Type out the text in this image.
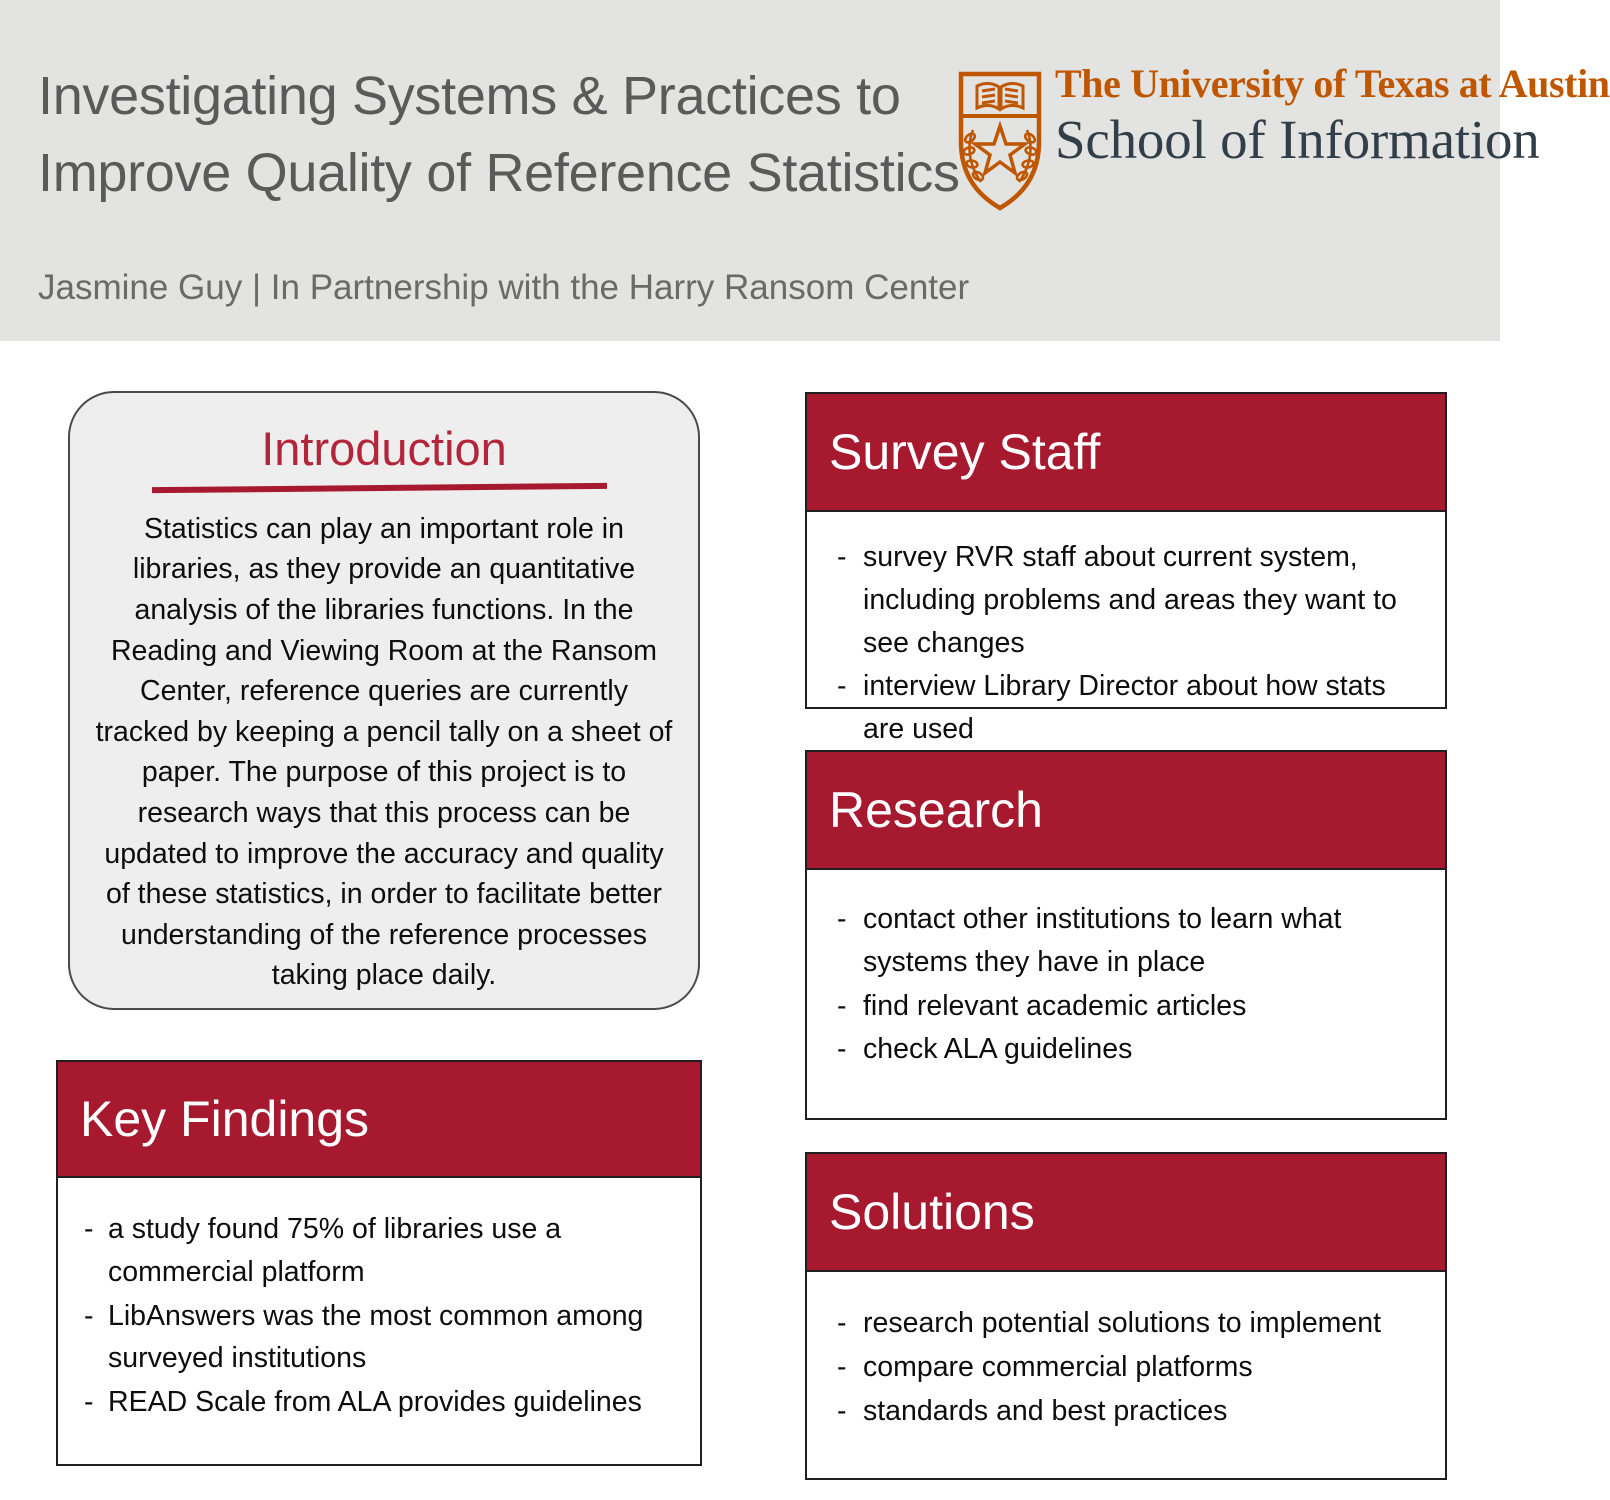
Investigating Systems & Practices to
Improve Quality of Reference Statistics
Jasmine Guy | In Partnership with the Harry Ransom Center
The University of Texas at Austin
School of Information
Introduction
Statistics can play an important role in libraries, as they provide an quantitative analysis of the libraries functions. In the Reading and Viewing Room at the Ransom Center, reference queries are currently tracked by keeping a pencil tally on a sheet of paper. The purpose of this project is to research ways that this process can be updated to improve the accuracy and quality of these statistics, in order to facilitate better understanding of the reference processes taking place daily.
Survey Staff
- survey RVR staff about current system, including problems and areas they want to see changes
- interview Library Director about how stats are used
Research
- contact other institutions to learn what systems they have in place
- find relevant academic articles
- check ALA guidelines
Solutions
- research potential solutions to implement
- compare commercial platforms
- standards and best practices
Key Findings
- a study found 75% of libraries use a commercial platform
- LibAnswers was the most common among surveyed institutions
- READ Scale from ALA provides guidelines
